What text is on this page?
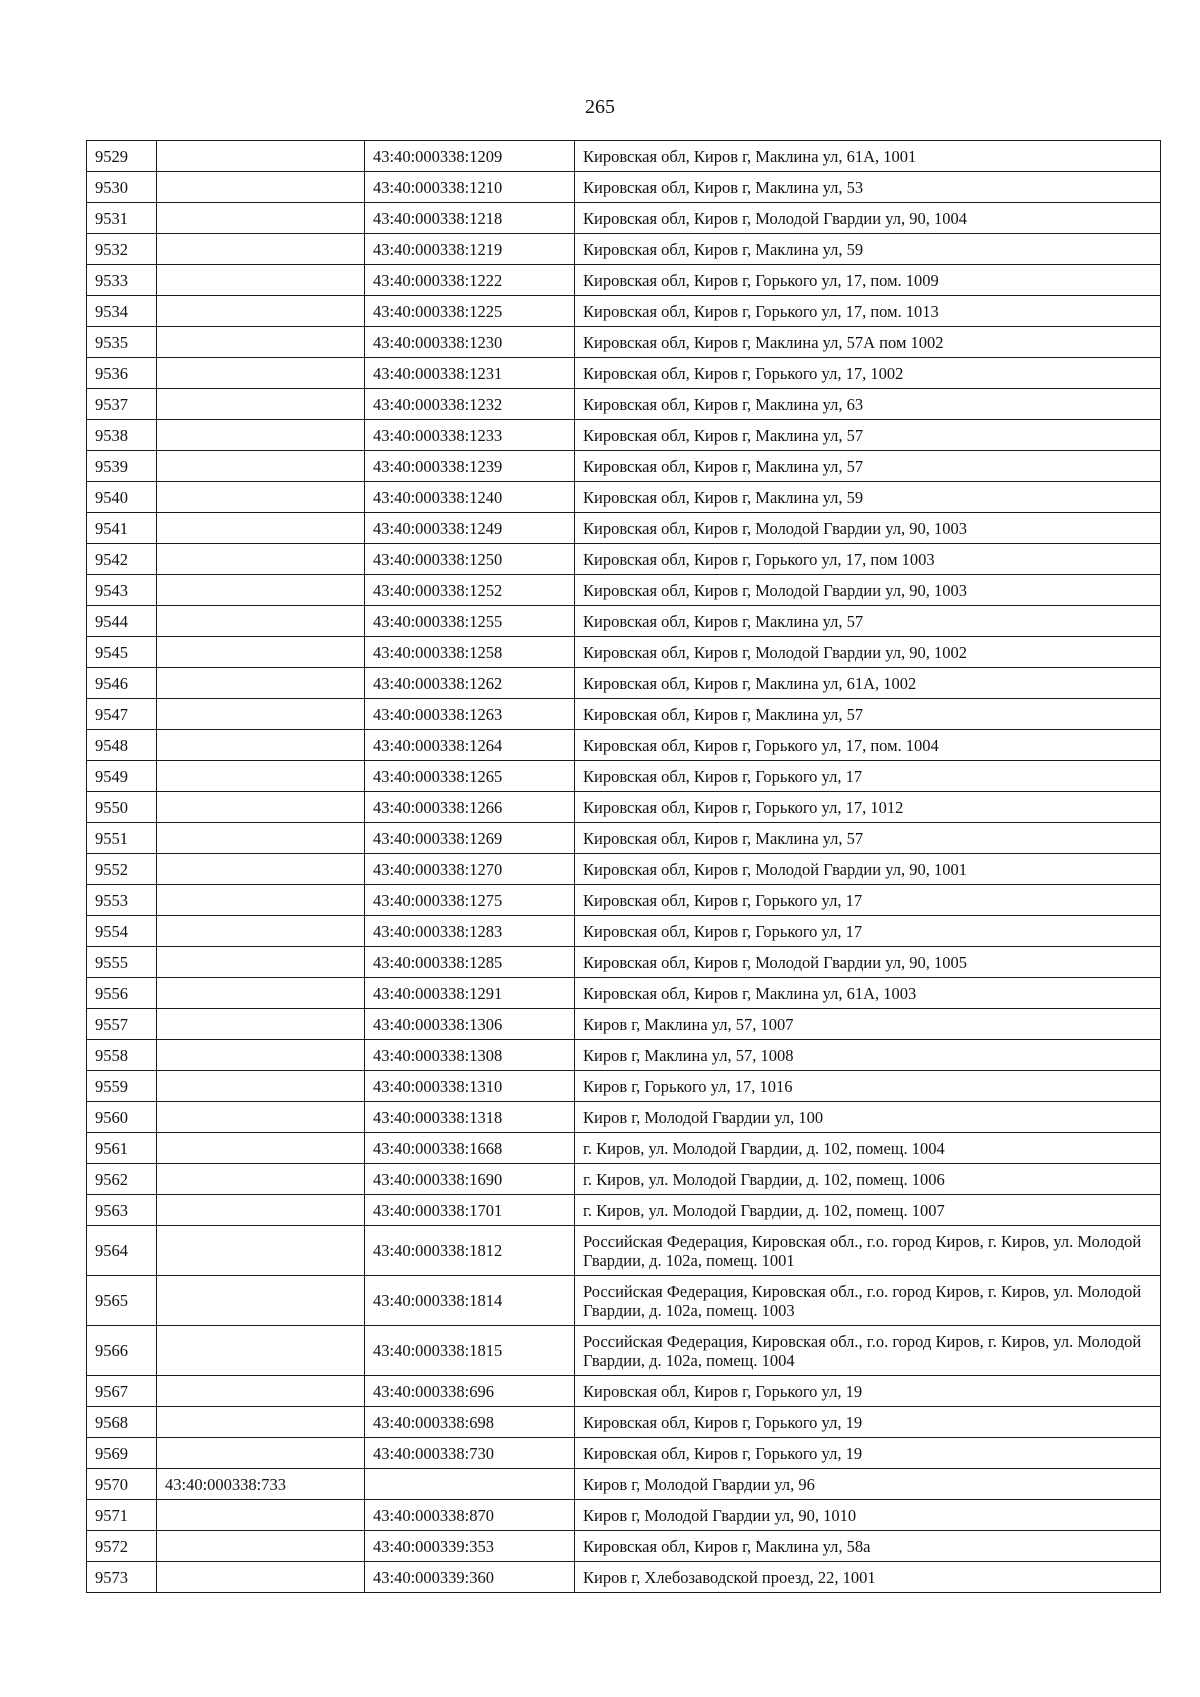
265
9529		43:40:000338:1209	Кировская обл, Киров г, Маклина ул, 61А, 1001
9530		43:40:000338:1210	Кировская обл, Киров г, Маклина ул, 53
9531		43:40:000338:1218	Кировская обл, Киров г, Молодой Гвардии ул, 90, 1004
9532		43:40:000338:1219	Кировская обл, Киров г, Маклина ул, 59
9533		43:40:000338:1222	Кировская обл, Киров г, Горького ул, 17, пом. 1009
9534		43:40:000338:1225	Кировская обл, Киров г, Горького ул, 17, пом. 1013
9535		43:40:000338:1230	Кировская обл, Киров г, Маклина ул, 57А пом 1002
9536		43:40:000338:1231	Кировская обл, Киров г, Горького ул, 17, 1002
9537		43:40:000338:1232	Кировская обл, Киров г, Маклина ул, 63
9538		43:40:000338:1233	Кировская обл, Киров г, Маклина ул, 57
9539		43:40:000338:1239	Кировская обл, Киров г, Маклина ул, 57
9540		43:40:000338:1240	Кировская обл, Киров г, Маклина ул, 59
9541		43:40:000338:1249	Кировская обл, Киров г, Молодой Гвардии ул, 90, 1003
9542		43:40:000338:1250	Кировская обл, Киров г, Горького ул, 17, пом 1003
9543		43:40:000338:1252	Кировская обл, Киров г, Молодой Гвардии ул, 90, 1003
9544		43:40:000338:1255	Кировская обл, Киров г, Маклина ул, 57
9545		43:40:000338:1258	Кировская обл, Киров г, Молодой Гвардии ул, 90, 1002
9546		43:40:000338:1262	Кировская обл, Киров г, Маклина ул, 61А, 1002
9547		43:40:000338:1263	Кировская обл, Киров г, Маклина ул, 57
9548		43:40:000338:1264	Кировская обл, Киров г, Горького ул, 17, пом. 1004
9549		43:40:000338:1265	Кировская обл, Киров г, Горького ул, 17
9550		43:40:000338:1266	Кировская обл, Киров г, Горького ул, 17, 1012
9551		43:40:000338:1269	Кировская обл, Киров г, Маклина ул, 57
9552		43:40:000338:1270	Кировская обл, Киров г, Молодой Гвардии ул, 90, 1001
9553		43:40:000338:1275	Кировская обл, Киров г, Горького ул, 17
9554		43:40:000338:1283	Кировская обл, Киров г, Горького ул, 17
9555		43:40:000338:1285	Кировская обл, Киров г, Молодой Гвардии ул, 90, 1005
9556		43:40:000338:1291	Кировская обл, Киров г, Маклина ул, 61А, 1003
9557		43:40:000338:1306	Киров г, Маклина ул, 57, 1007
9558		43:40:000338:1308	Киров г, Маклина ул, 57, 1008
9559		43:40:000338:1310	Киров г, Горького ул, 17, 1016
9560		43:40:000338:1318	Киров г, Молодой Гвардии ул, 100
9561		43:40:000338:1668	г. Киров, ул. Молодой Гвардии, д. 102, помещ. 1004
9562		43:40:000338:1690	г. Киров, ул. Молодой Гвардии, д. 102, помещ. 1006
9563		43:40:000338:1701	г. Киров, ул. Молодой Гвардии, д. 102, помещ. 1007
9564		43:40:000338:1812	Российская Федерация, Кировская обл., г.о. город Киров, г. Киров, ул. Молодой Гвардии, д. 102а, помещ. 1001
9565		43:40:000338:1814	Российская Федерация, Кировская обл., г.о. город Киров, г. Киров, ул. Молодой Гвардии, д. 102а, помещ. 1003
9566		43:40:000338:1815	Российская Федерация, Кировская обл., г.о. город Киров, г. Киров, ул. Молодой Гвардии, д. 102а, помещ. 1004
9567		43:40:000338:696	Кировская обл, Киров г, Горького ул, 19
9568		43:40:000338:698	Кировская обл, Киров г, Горького ул, 19
9569		43:40:000338:730	Кировская обл, Киров г, Горького ул, 19
9570	43:40:000338:733		Киров г, Молодой Гвардии ул, 96
9571		43:40:000338:870	Киров г, Молодой Гвардии ул, 90, 1010
9572		43:40:000339:353	Кировская обл, Киров г, Маклина ул, 58а
9573		43:40:000339:360	Киров г, Хлебозаводской проезд, 22, 1001
